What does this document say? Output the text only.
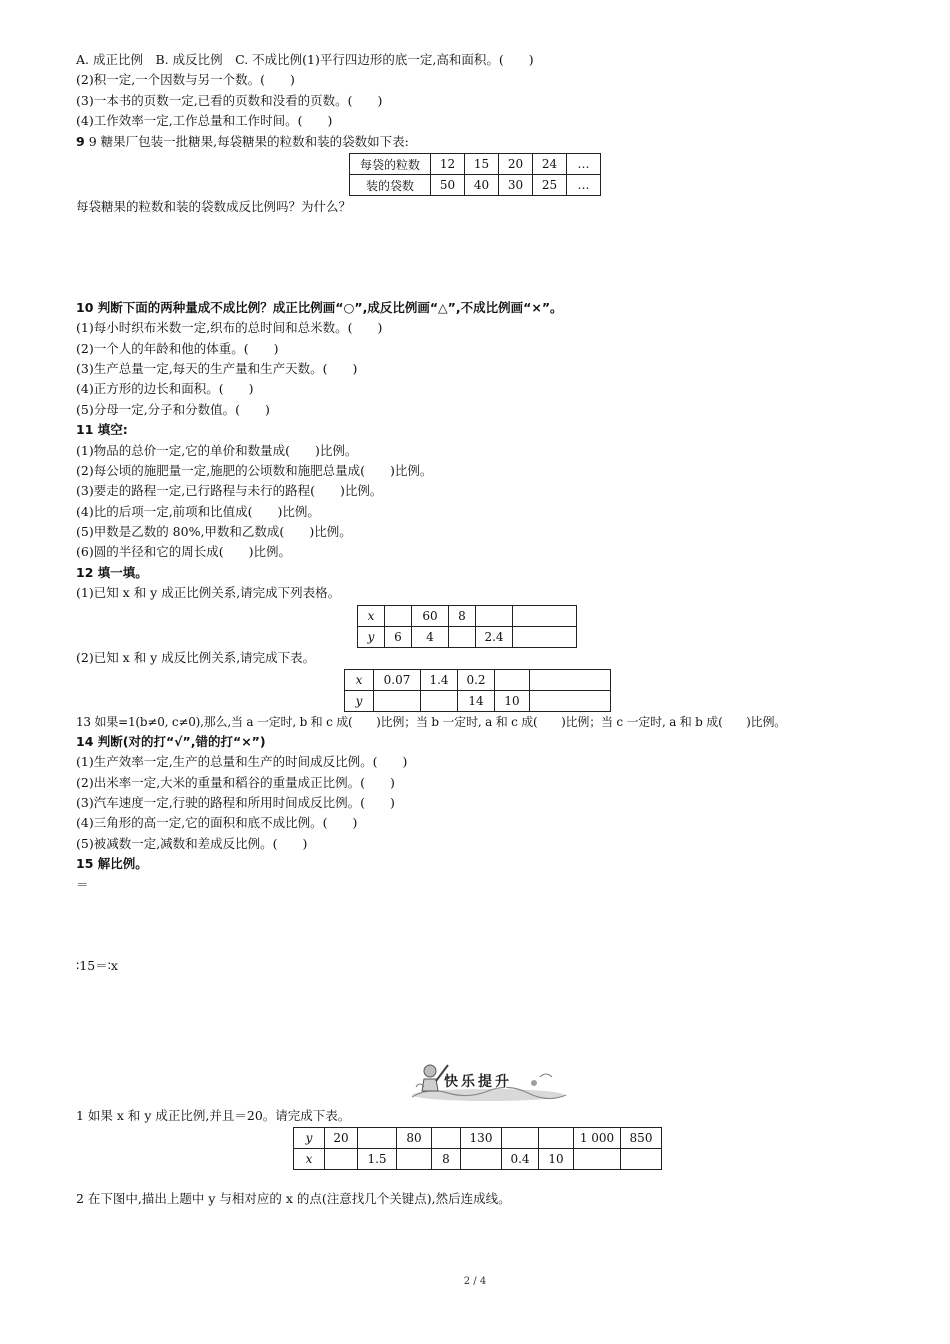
A. 成正比例　B. 成反比例　C. 不成比例(1)平行四边形的底一定,高和面积。(　　)
(2)积一定,一个因数与另一个数。(　　)
(3)一本书的页数一定,已看的页数和没看的页数。(　　)
(4)工作效率一定,工作总量和工作时间。(　　)
9 9 糖果厂包装一批糖果,每袋糖果的粒数和装的袋数如下表:
每袋的粒数	12	15	20	24	…
装的袋数	50	40	30	25	…
每袋糖果的粒数和装的袋数成反比例吗？为什么？
10 判断下面的两种量成不成比例？成正比例画“○”,成反比例画“△”,不成比例画“×”。
(1)每小时织布米数一定,织布的总时间和总米数。(　　)
(2)一个人的年龄和他的体重。(　　)
(3)生产总量一定,每天的生产量和生产天数。(　　)
(4)正方形的边长和面积。(　　)
(5)分母一定,分子和分数值。(　　)
11 填空:
(1)物品的总价一定,它的单价和数量成(　　)比例。
(2)每公顷的施肥量一定,施肥的公顷数和施肥总量成(　　)比例。
(3)要走的路程一定,已行路程与未行的路程(　　)比例。
(4)比的后项一定,前项和比值成(　　)比例。
(5)甲数是乙数的 80%,甲数和乙数成(　　)比例。
(6)圆的半径和它的周长成(　　)比例。
12 填一填。
(1)已知 x 和 y 成正比例关系,请完成下列表格。
x		60	8		
y	6	4		2.4	
(2)已知 x 和 y 成反比例关系,请完成下表。
x	0.07	1.4	0.2		
y			14	10	
13 如果=1(b≠0, c≠0),那么,当 a 一定时, b 和 c 成(　　)比例；当 b 一定时, a 和 c 成(　　)比例；当 c 一定时, a 和 b 成(　　)比例。
14 判断(对的打“√”,错的打“×”)
(1)生产效率一定,生产的总量和生产的时间成反比例。(　　)
(2)出米率一定,大米的重量和稻谷的重量成正比例。(　　)
(3)汽车速度一定,行驶的路程和所用时间成反比例。(　　)
(4)三角形的高一定,它的面积和底不成比例。(　　)
(5)被减数一定,减数和差成反比例。(　　)
15 解比例。
＝
∶15＝∶x
快乐提升
1 如果 x 和 y 成正比例,并且＝20。请完成下表。
y	20		80		130			1 000	850
x		1.5		8		0.4	10		
2 在下图中,描出上题中 y 与相对应的 x 的点(注意找几个关键点),然后连成线。
2 / 4
